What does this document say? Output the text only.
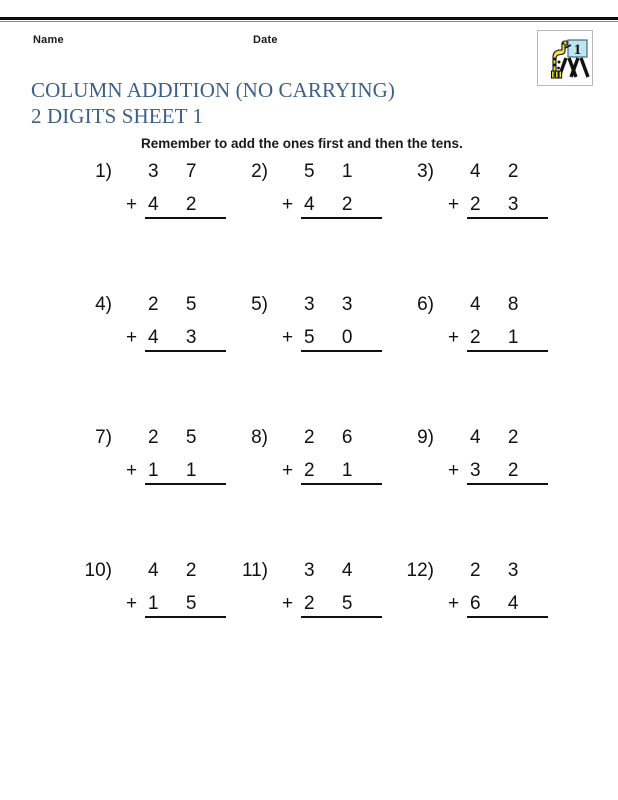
Name	Date
1
COLUMN ADDITION (NO CARRYING)
2 DIGITS SHEET 1
Remember to add the ones first and then the tens.
1) 3 7
+ 4 2
2) 5 1
+ 4 2
3) 4 2
+ 2 3
4) 2 5
+ 4 3
5) 3 3
+ 5 0
6) 4 8
+ 2 1
7) 2 5
+ 1 1
8) 2 6
+ 2 1
9) 4 2
+ 3 2
10) 4 2
+ 1 5
11) 3 4
+ 2 5
12) 2 3
+ 6 4
